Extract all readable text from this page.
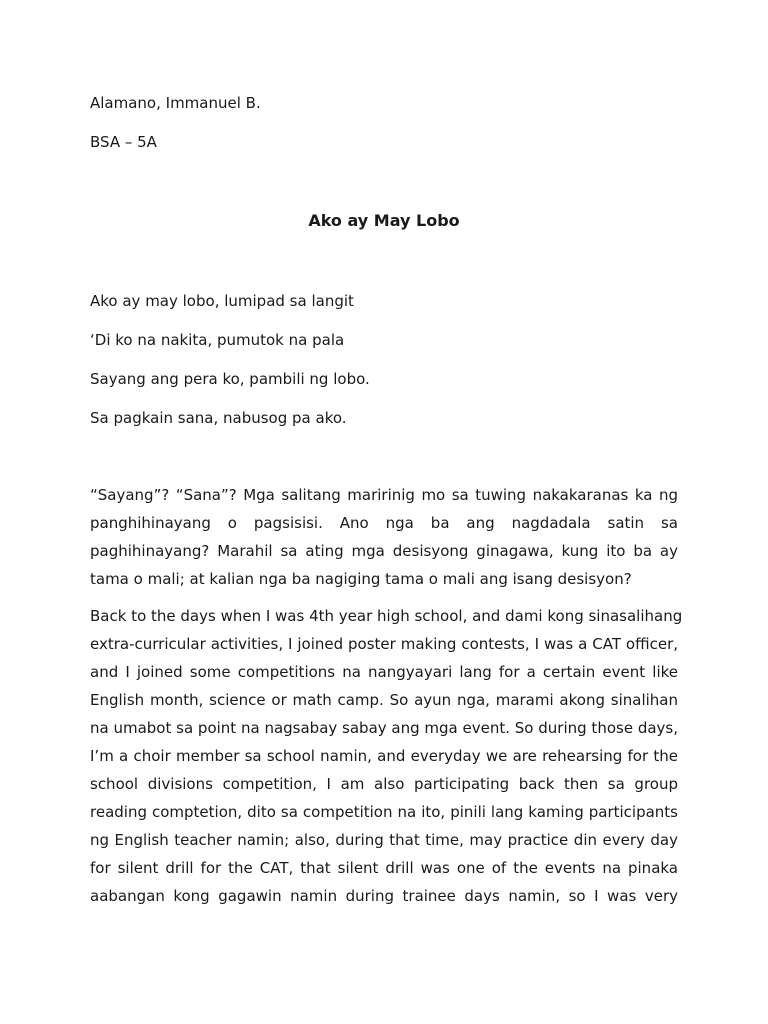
Alamano, Immanuel B.

BSA – 5A

Ako ay May Lobo

Ako ay may lobo, lumipad sa langit

‘Di ko na nakita, pumutok na pala

Sayang ang pera ko, pambili ng lobo.

Sa pagkain sana, nabusog pa ako.

“Sayang”? “Sana”? Mga salitang maririnig mo sa tuwing nakakaranas ka ng
panghihinayang o pagsisisi. Ano nga ba ang nagdadala satin sa
paghihinayang? Marahil sa ating mga desisyong ginagawa, kung ito ba ay
tama o mali; at kalian nga ba nagiging tama o mali ang isang desisyon?
Back to the days when I was 4th year high school, and dami kong sinasalihang
extra-curricular activities, I joined poster making contests, I was a CAT officer,
and I joined some competitions na nangyayari lang for a certain event like
English month, science or math camp. So ayun nga, marami akong sinalihan
na umabot sa point na nagsabay sabay ang mga event. So during those days,
I’m a choir member sa school namin, and everyday we are rehearsing for the
school divisions competition, I am also participating back then sa group
reading comptetion, dito sa competition na ito, pinili lang kaming participants
ng English teacher namin; also, during that time, may practice din every day
for silent drill for the CAT, that silent drill was one of the events na pinaka
aabangan kong gagawin namin during trainee days namin, so I was very
